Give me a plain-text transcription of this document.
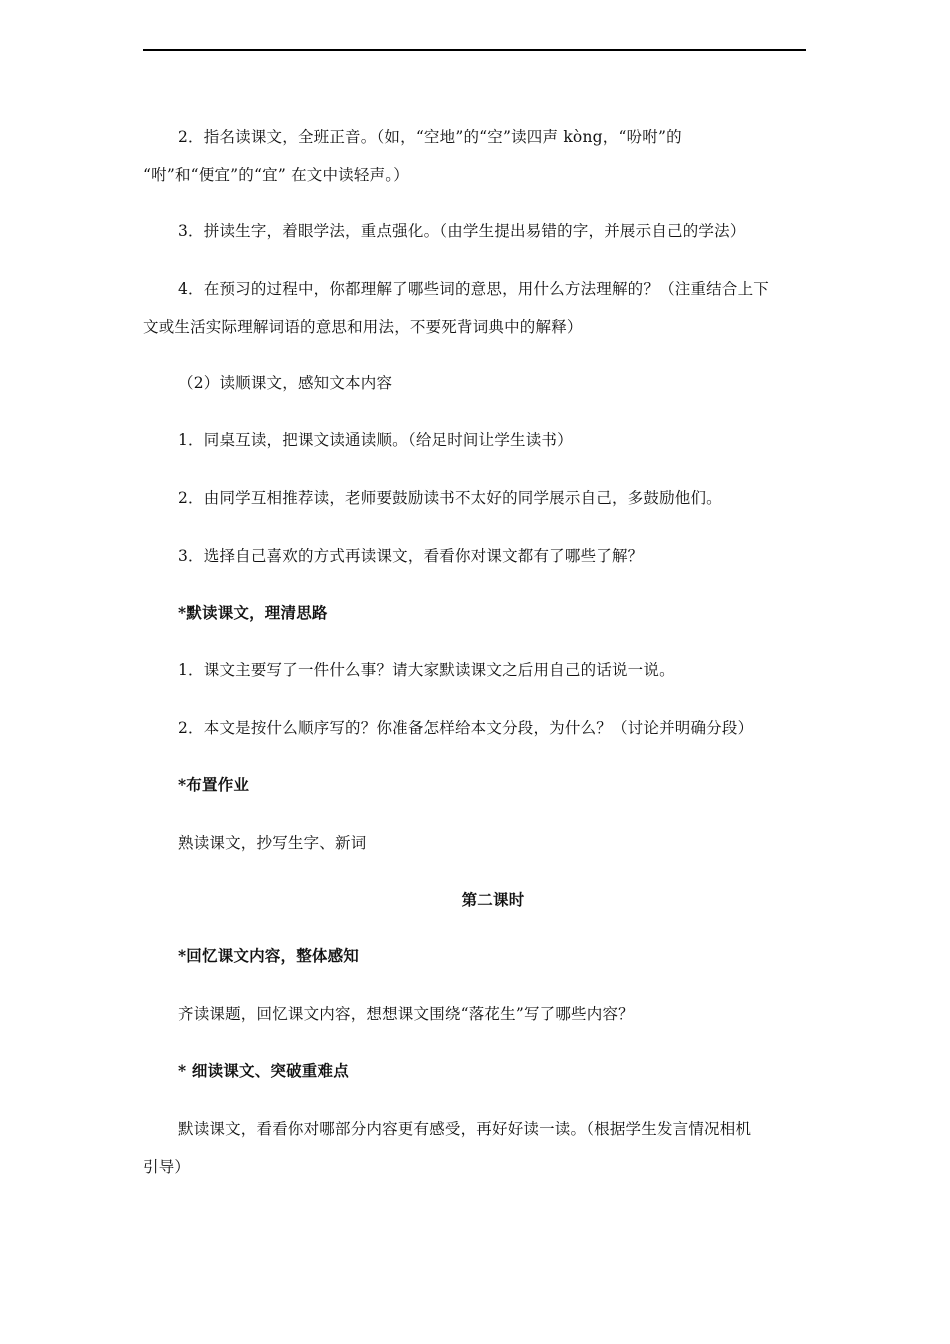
2．指名读课文，全班正音。（如，“空地”的“空”读四声 kòng，“吩咐”的
“咐”和“便宜”的“宜” 在文中读轻声。）
3．拼读生字，着眼学法，重点强化。（由学生提出易错的字，并展示自己的学法）
4．在预习的过程中，你都理解了哪些词的意思，用什么方法理解的？（注重结合上下
文或生活实际理解词语的意思和用法，不要死背词典中的解释）
（2）读顺课文，感知文本内容
1．同桌互读，把课文读通读顺。（给足时间让学生读书）
2．由同学互相推荐读，老师要鼓励读书不太好的同学展示自己，多鼓励他们。
3．选择自己喜欢的方式再读课文，看看你对课文都有了哪些了解？
*默读课文，理清思路
1．课文主要写了一件什么事？请大家默读课文之后用自己的话说一说。
2．本文是按什么顺序写的？你准备怎样给本文分段，为什么？（讨论并明确分段）
*布置作业
熟读课文，抄写生字、新词
第二课时
*回忆课文内容，整体感知
齐读课题，回忆课文内容，想想课文围绕“落花生”写了哪些内容？
* 细读课文、突破重难点
默读课文，看看你对哪部分内容更有感受，再好好读一读。（根据学生发言情况相机
引导）
